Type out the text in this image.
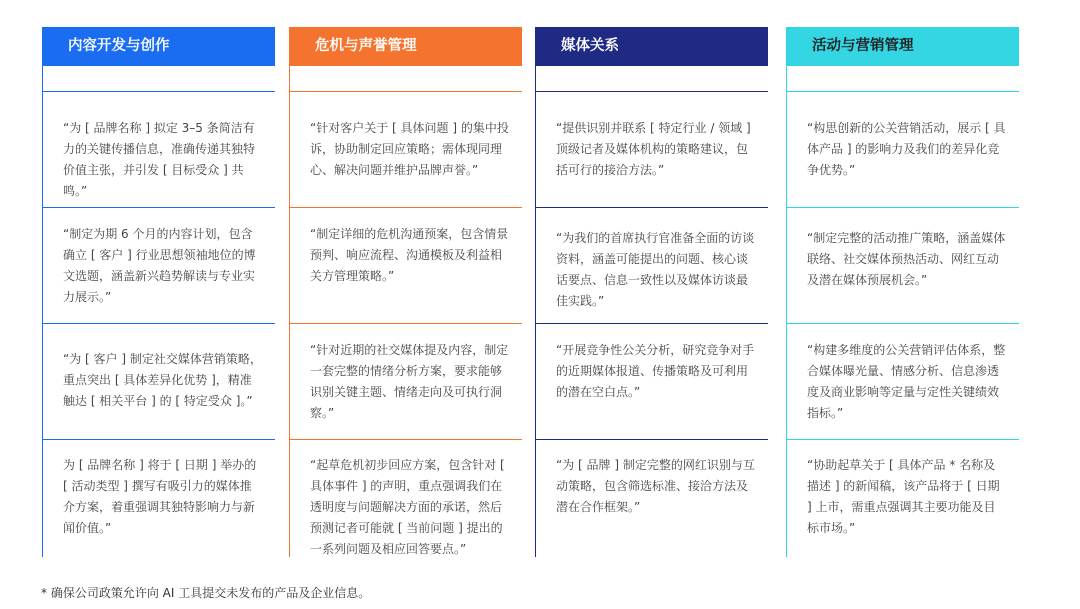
内容开发与创作
“为 [ 品牌名称 ] 拟定 3–5 条简洁有力的关键传播信息，准确传递其独特价值主张，并引发 [ 目标受众 ] 共鸣。”
“制定为期 6 个月的内容计划，包含确立 [ 客户 ] 行业思想领袖地位的博文选题，涵盖新兴趋势解读与专业实力展示。”
“为 [ 客户 ] 制定社交媒体营销策略，重点突出 [ 具体差异化优势 ]，精准触达 [ 相关平台 ] 的 [ 特定受众 ]。”
为 [ 品牌名称 ] 将于 [ 日期 ] 举办的 [ 活动类型 ] 撰写有吸引力的媒体推介方案，着重强调其独特影响力与新闻价值。”
危机与声誉管理
“针对客户关于 [ 具体问题 ] 的集中投诉，协助制定回应策略；需体现同理心、解决问题并维护品牌声誉。”
“制定详细的危机沟通预案，包含情景预判、响应流程、沟通模板及利益相关方管理策略。”
“针对近期的社交媒体提及内容，制定一套完整的情绪分析方案，要求能够识别关键主题、情绪走向及可执行洞察。”
“起草危机初步回应方案，包含针对 [ 具体事件 ] 的声明，重点强调我们在透明度与问题解决方面的承诺，然后预测记者可能就 [ 当前问题 ] 提出的一系列问题及相应回答要点。”
媒体关系
“提供识别并联系 [ 特定行业 / 领域 ] 顶级记者及媒体机构的策略建议，包括可行的接洽方法。”
“为我们的首席执行官准备全面的访谈资料，涵盖可能提出的问题、核心谈话要点、信息一致性以及媒体访谈最佳实践。”
“开展竞争性公关分析，研究竞争对手的近期媒体报道、传播策略及可利用的潜在空白点。”
“为 [ 品牌 ] 制定完整的网红识别与互动策略，包含筛选标准、接洽方法及潜在合作框架。”
活动与营销管理
“构思创新的公关营销活动，展示 [ 具体产品 ] 的影响力及我们的差异化竞争优势。”
“制定完整的活动推广策略，涵盖媒体联络、社交媒体预热活动、网红互动及潜在媒体预展机会。”
“构建多维度的公关营销评估体系，整合媒体曝光量、情感分析、信息渗透度及商业影响等定量与定性关键绩效指标。”
“协助起草关于 [ 具体产品 * 名称及描述 ] 的新闻稿，该产品将于 [ 日期 ] 上市，需重点强调其主要功能及目标市场。”
* 确保公司政策允许向 AI 工具提交未发布的产品及企业信息。
